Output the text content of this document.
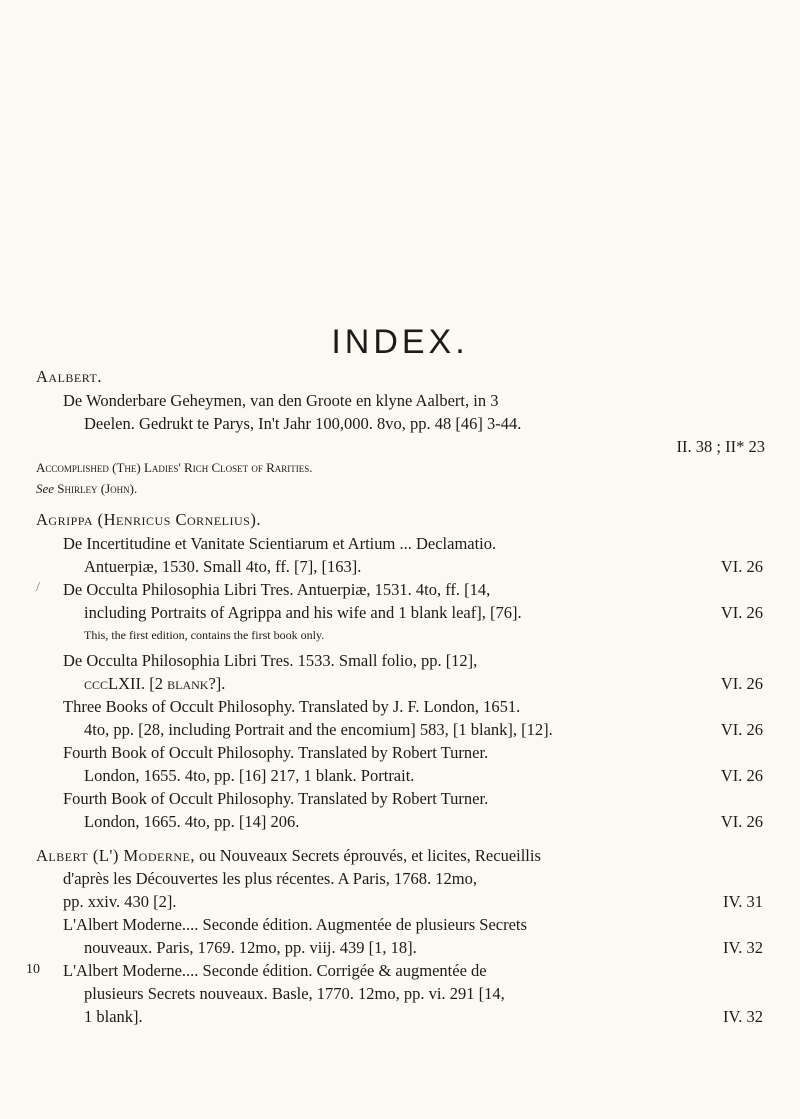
INDEX.
Aalbert.
De Wonderbare Geheymen, van den Groote en klyne Aalbert, in 3
Deelen. Gedrukt te Parys, In't Jahr 100,000. 8vo, pp. 48 [46] 3-44.
II. 38 ; II* 23
Accomplished (The) Ladies' Rich Closet of Rarities.
See Shirley (John).
Agrippa (Henricus Cornelius).
De Incertitudine et Vanitate Scientiarum et Artium ... Declamatio.
Antuerpiæ, 1530. Small 4to, ff. [7], [163].	VI. 26
/ De Occulta Philosophia Libri Tres. Antuerpiæ, 1531. 4to, ff. [14,
including Portraits of Agrippa and his wife and 1 blank leaf], [76].	VI. 26
This, the first edition, contains the first book only.
De Occulta Philosophia Libri Tres. 1533. Small folio, pp. [12],
cccLXII. [2 blank?].	VI. 26
Three Books of Occult Philosophy. Translated by J. F. London, 1651.
4to, pp. [28, including Portrait and the encomium] 583, [1 blank], [12].	VI. 26
Fourth Book of Occult Philosophy. Translated by Robert Turner.
London, 1655. 4to, pp. [16] 217, 1 blank. Portrait.	VI. 26
Fourth Book of Occult Philosophy. Translated by Robert Turner.
London, 1665. 4to, pp. [14] 206.	VI. 26
Albert (L') Moderne, ou Nouveaux Secrets éprouvés, et licites, Recueillis
d'après les Découvertes les plus récentes. A Paris, 1768. 12mo,
pp. xxiv. 430 [2].	IV. 31
L'Albert Moderne.... Seconde édition. Augmentée de plusieurs Secrets
nouveaux. Paris, 1769. 12mo, pp. viij. 439 [1, 18].	IV. 32
10 L'Albert Moderne.... Seconde édition. Corrigée & augmentée de
plusieurs Secrets nouveaux. Basle, 1770. 12mo, pp. vi. 291 [14,
1 blank].	IV. 32
